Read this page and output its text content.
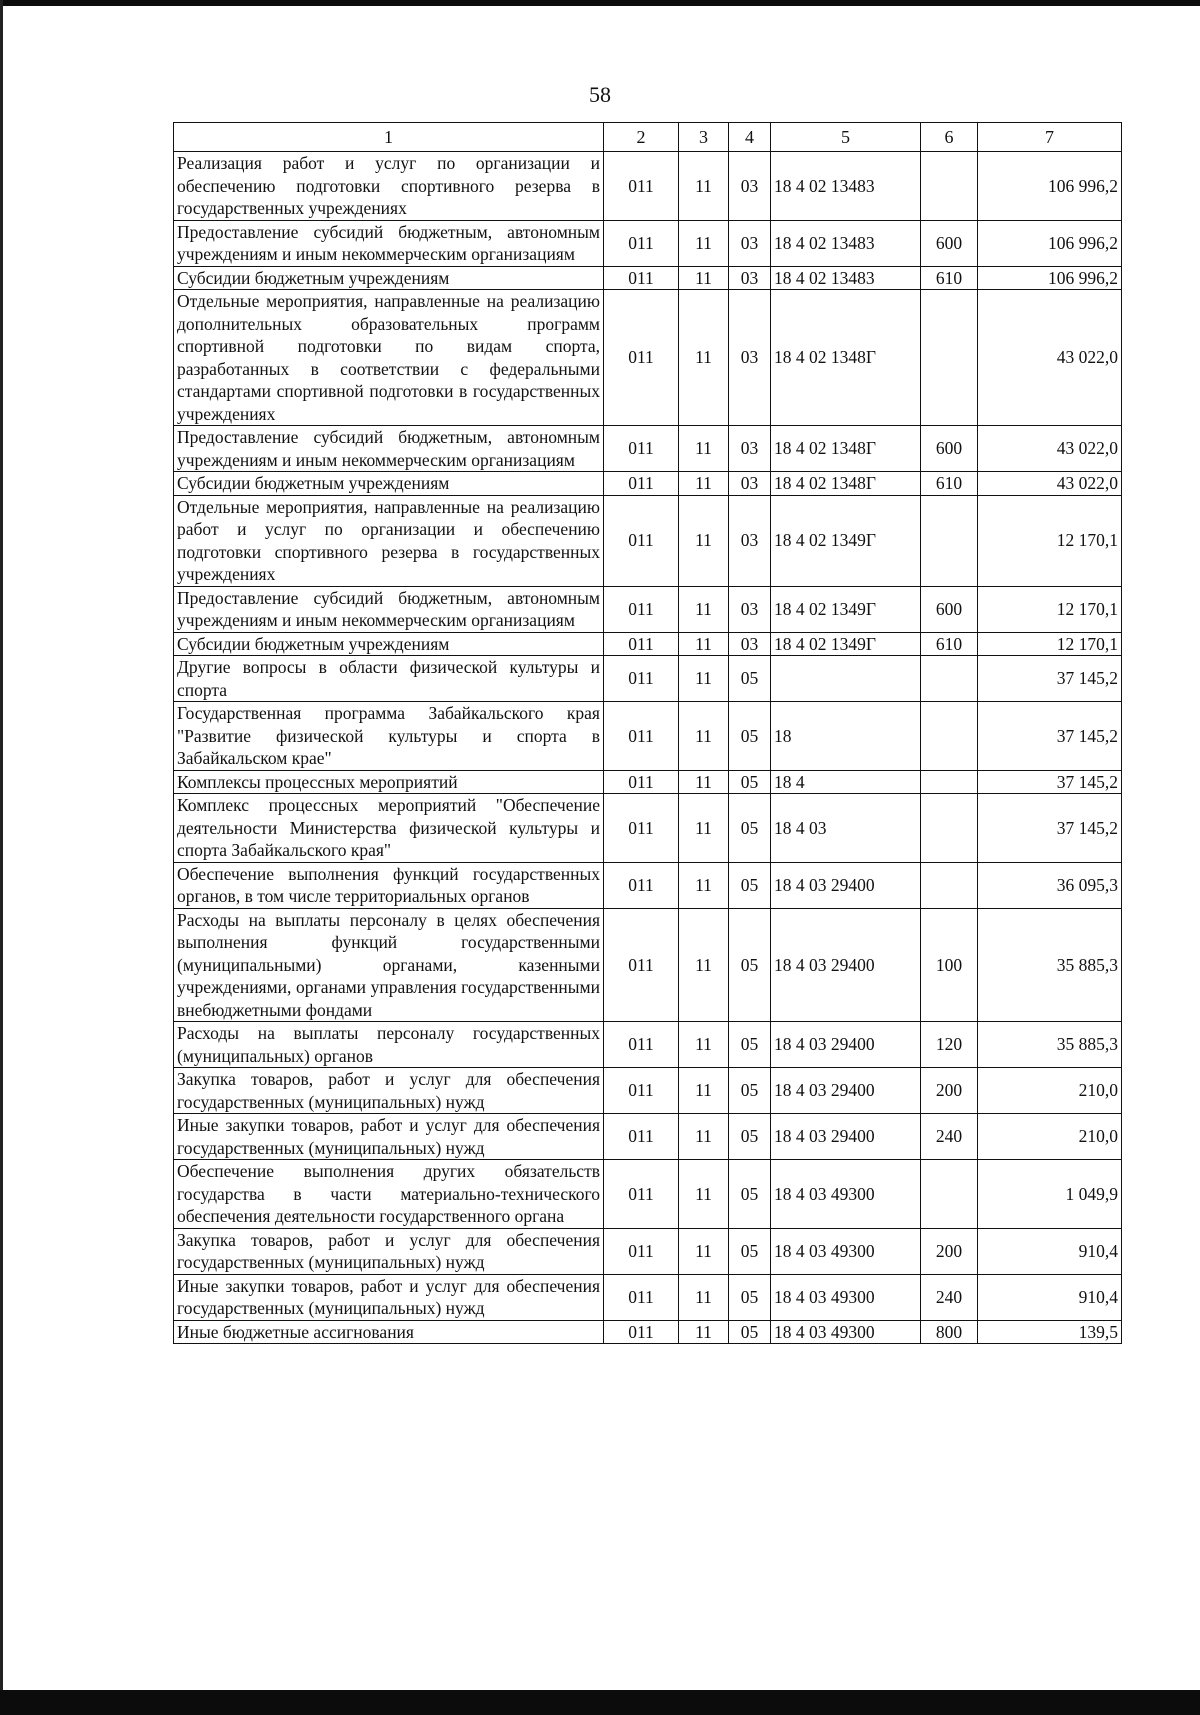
58
1	2	3	4	5	6	7
Реализация работ и услуг по организации и обеспечению подготовки спортивного резерва в государственных учреждениях	011	11	03	18 4 02 13483		106 996,2
Предоставление субсидий бюджетным, автономным учреждениям и иным некоммерческим организациям	011	11	03	18 4 02 13483	600	106 996,2
Субсидии бюджетным учреждениям	011	11	03	18 4 02 13483	610	106 996,2
Отдельные мероприятия, направленные на реализацию дополнительных образовательных программ спортивной подготовки по видам спорта, разработанных в соответствии с федеральными стандартами спортивной подготовки в государственных учреждениях	011	11	03	18 4 02 1348Г		43 022,0
Предоставление субсидий бюджетным, автономным учреждениям и иным некоммерческим организациям	011	11	03	18 4 02 1348Г	600	43 022,0
Субсидии бюджетным учреждениям	011	11	03	18 4 02 1348Г	610	43 022,0
Отдельные мероприятия, направленные на реализацию работ и услуг по организации и обеспечению подготовки спортивного резерва в государственных учреждениях	011	11	03	18 4 02 1349Г		12 170,1
Предоставление субсидий бюджетным, автономным учреждениям и иным некоммерческим организациям	011	11	03	18 4 02 1349Г	600	12 170,1
Субсидии бюджетным учреждениям	011	11	03	18 4 02 1349Г	610	12 170,1
Другие вопросы в области физической культуры и спорта	011	11	05			37 145,2
Государственная программа Забайкальского края "Развитие физической культуры и спорта в Забайкальском крае"	011	11	05	18		37 145,2
Комплексы процессных мероприятий	011	11	05	18 4		37 145,2
Комплекс процессных мероприятий "Обеспечение деятельности Министерства физической культуры и спорта Забайкальского края"	011	11	05	18 4 03		37 145,2
Обеспечение выполнения функций государственных органов, в том числе территориальных органов	011	11	05	18 4 03 29400		36 095,3
Расходы на выплаты персоналу в целях обеспечения выполнения функций государственными (муниципальными) органами, казенными учреждениями, органами управления государственными внебюджетными фондами	011	11	05	18 4 03 29400	100	35 885,3
Расходы на выплаты персоналу государственных (муниципальных) органов	011	11	05	18 4 03 29400	120	35 885,3
Закупка товаров, работ и услуг для обеспечения государственных (муниципальных) нужд	011	11	05	18 4 03 29400	200	210,0
Иные закупки товаров, работ и услуг для обеспечения государственных (муниципальных) нужд	011	11	05	18 4 03 29400	240	210,0
Обеспечение выполнения других обязательств государства в части материально-технического обеспечения деятельности государственного органа	011	11	05	18 4 03 49300		1 049,9
Закупка товаров, работ и услуг для обеспечения государственных (муниципальных) нужд	011	11	05	18 4 03 49300	200	910,4
Иные закупки товаров, работ и услуг для обеспечения государственных (муниципальных) нужд	011	11	05	18 4 03 49300	240	910,4
Иные бюджетные ассигнования	011	11	05	18 4 03 49300	800	139,5
